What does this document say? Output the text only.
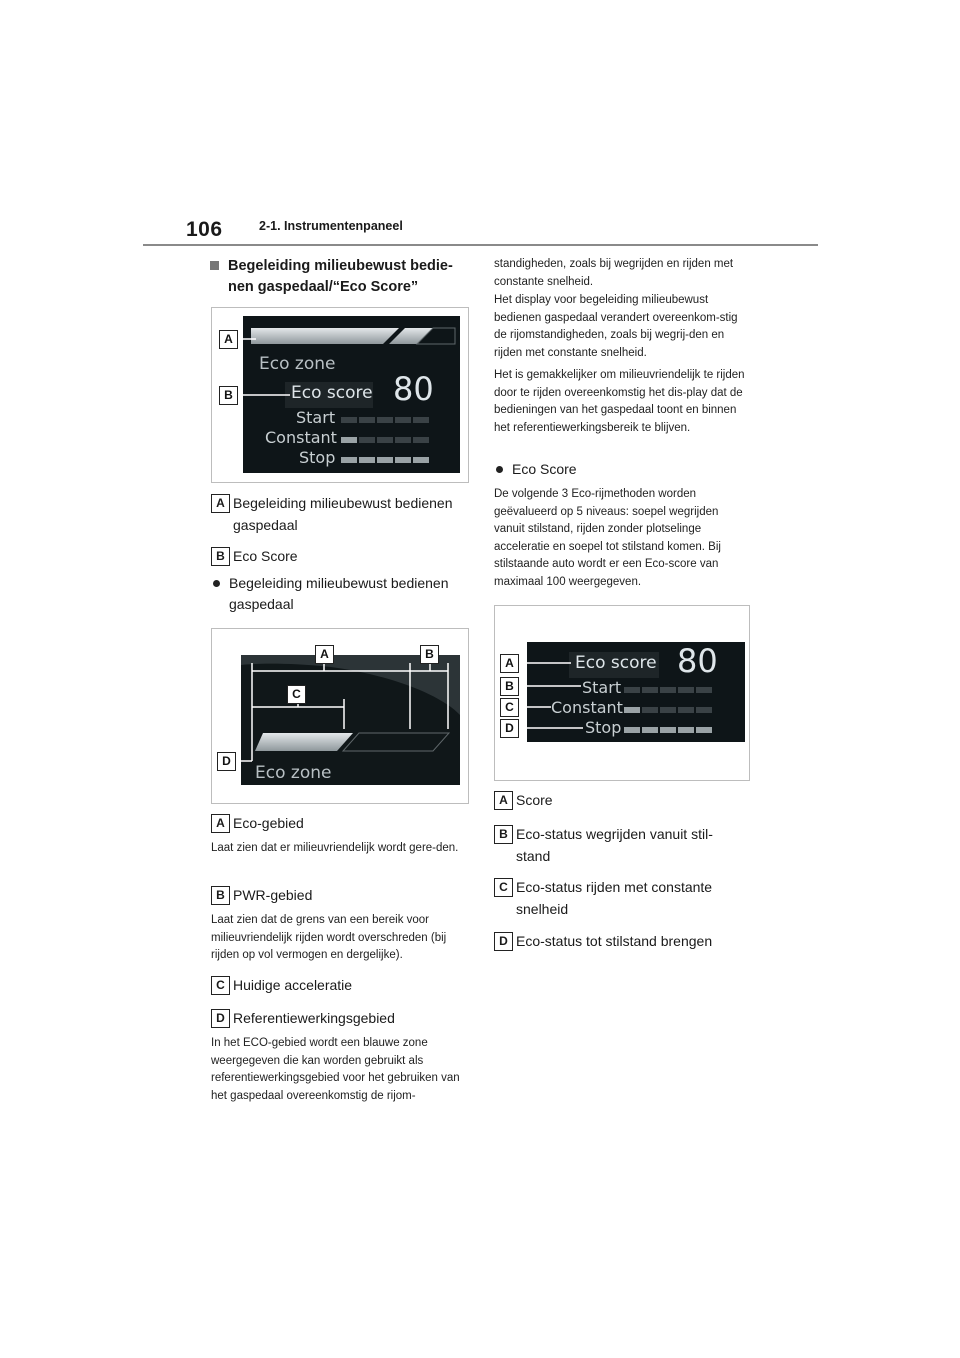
106	2-1. Instrumentenpaneel
Begeleiding milieubewust bedie-nen gaspedaal/“Eco Score”
Eco zone
Eco score 80
Start
Constant
Stop
A
B
A Begeleiding milieubewust bedienen gaspedaal
B Eco Score
Begeleiding milieubewust bedienen gaspedaal
Eco zone
A	B
C
D
A Eco-gebied
Laat zien dat er milieuvriendelijk wordt gere-den.
B PWR-gebied
Laat zien dat de grens van een bereik voor milieuvriendelijk rijden wordt overschreden (bij rijden op vol vermogen en dergelijke).
C Huidige acceleratie
D Referentiewerkingsgebied
In het ECO-gebied wordt een blauwe zone weergegeven die kan worden gebruikt als referentiewerkingsgebied voor het gebruiken van het gaspedaal overeenkomstig de rijom-
standigheden, zoals bij wegrijden en rijden met constante snelheid.
Het display voor begeleiding milieubewust bedienen gaspedaal verandert overeenkom-stig de rijomstandigheden, zoals bij wegrij-den en rijden met constante snelheid.
Het is gemakkelijker om milieuvriendelijk te rijden door te rijden overeenkomstig het dis-play dat de bedieningen van het gaspedaal toont en binnen het referentiewerkingsbereik te blijven.
Eco Score
De volgende 3 Eco-rijmethoden worden geëvalueerd op 5 niveaus: soepel wegrijden vanuit stilstand, rijden zonder plotselinge acceleratie en soepel tot stilstand komen. Bij stilstaande auto wordt er een Eco-score van maximaal 100 weergegeven.
Eco score 80
Start
Constant
Stop
A
B
C
D
A Score
B Eco-status wegrijden vanuit stil-stand
C Eco-status rijden met constante snelheid
D Eco-status tot stilstand brengen
